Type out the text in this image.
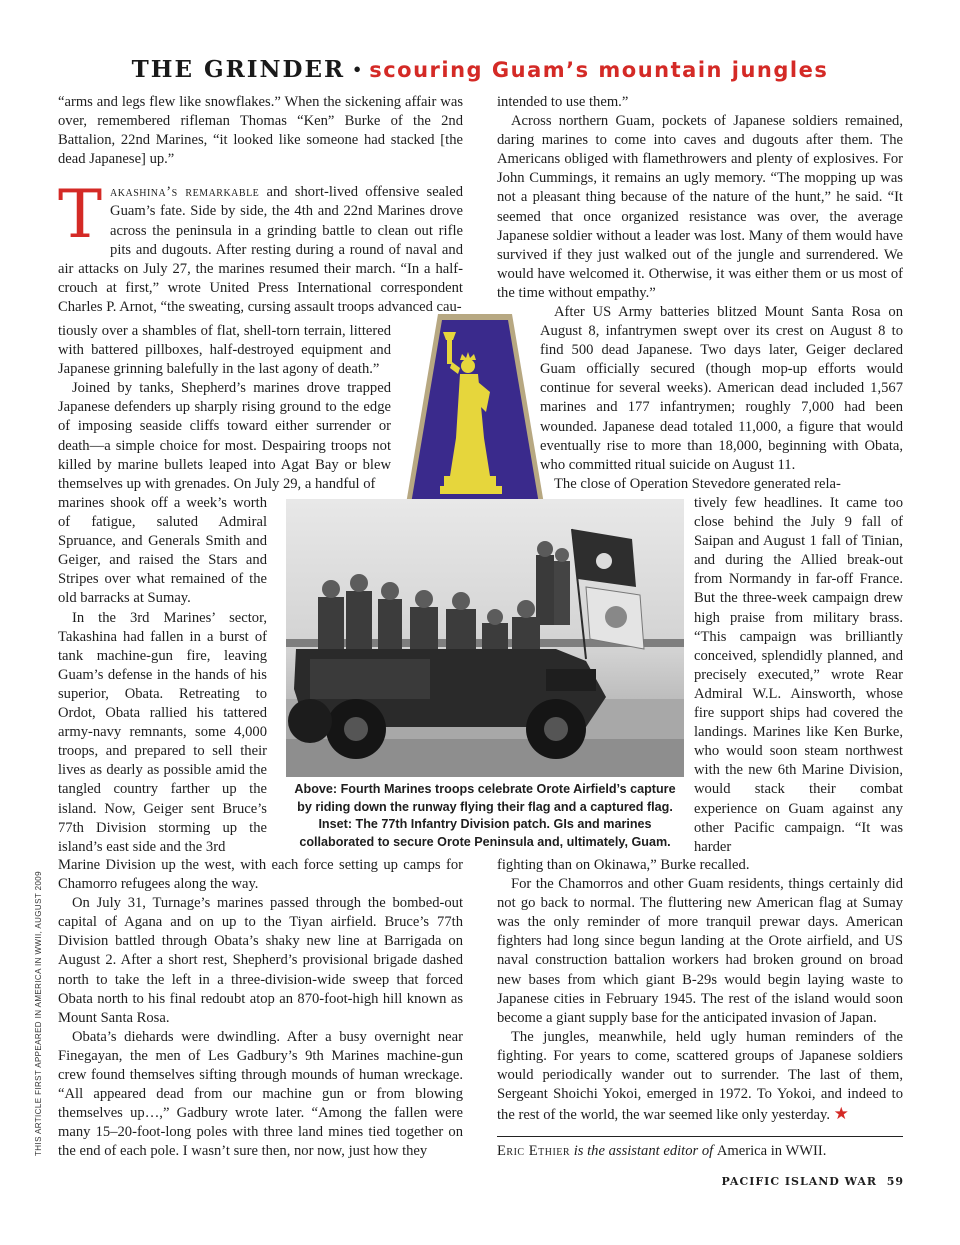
THE GRINDER • scouring Guam’s mountain jungles

“arms and legs flew like snowflakes.” When the sickening affair was over, remembered rifleman Thomas “Ken” Burke of the 2nd Battalion, 22nd Marines, “it looked like someone had stacked [the dead Japanese] up.”

Takashina’s remarkable and short-lived offensive sealed Guam’s fate. Side by side, the 4th and 22nd Marines drove across the peninsula in a grinding battle to clean out rifle pits and dugouts. After resting during a round of naval and air attacks on July 27, the marines resumed their march. “In a half-crouch at first,” wrote United Press International correspondent Charles P. Arnot, “the sweating, cursing assault troops advanced cau-

tiously over a shambles of flat, shell-torn terrain, littered with battered pillboxes, half-destroyed equipment and Japanese grinning balefully in the last agony of death.”

Joined by tanks, Shepherd’s marines drove trapped Japanese defenders up sharply rising ground to the edge of imposing seaside cliffs toward either surrender or death—a simple choice for most. Despairing troops not killed by marine bullets leaped into Agat Bay or blew themselves up with grenades. On July 29, a handful of

marines shook off a week’s worth of fatigue, saluted Admiral Spruance, and Generals Smith and Geiger, and raised the Stars and Stripes over what remained of the old barracks at Sumay.

In the 3rd Marines’ sector, Takashina had fallen in a burst of tank machine-gun fire, leaving Guam’s defense in the hands of his superior, Obata. Retreating to Ordot, Obata rallied his tattered army-navy remnants, some 4,000 troops, and prepared to sell their lives as dearly as possible amid the tangled country farther up the island. Now, Geiger sent Bruce’s 77th Division storming up the island’s east side and the 3rd

Marine Division up the west, with each force setting up camps for Chamorro refugees along the way.

On July 31, Turnage’s marines passed through the bombed-out capital of Agana and on up to the Tiyan airfield. Bruce’s 77th Division battled through Obata’s shaky new line at Barrigada on August 2. After a short rest, Shepherd’s provisional brigade dashed north to take the left in a three-division-wide sweep that forced Obata north to his final redoubt atop an 870-foot-high hill known as Mount Santa Rosa.

Obata’s diehards were dwindling. After a busy overnight near Finegayan, the men of Les Gadbury’s 9th Marines machine-gun crew found themselves sifting through mounds of human wreckage. “All appeared dead from our machine gun or from blowing themselves up…,” Gadbury wrote later. “Among the fallen were many 15–20-foot-long poles with three land mines tied together on the end of each pole. I wasn’t sure then, nor now, just how they

intended to use them.”

Across northern Guam, pockets of Japanese soldiers remained, daring marines to come into caves and dugouts after them. The Americans obliged with flamethrowers and plenty of explosives. For John Cummings, it remains an ugly memory. “The mopping up was not a pleasant thing because of the nature of the hunt,” he said. “It seemed that once organized resistance was over, the average Japanese soldier without a leader was lost. Many of them would have survived if they just walked out of the jungle and surrendered. We would have welcomed it. Otherwise, it was either them or us most of the time without empathy.”

After US Army batteries blitzed Mount Santa Rosa on August 8, infantrymen swept over its crest on August 8 to find 500 dead Japanese. Two days later, Geiger declared Guam officially secured (though mop-up efforts would continue for several weeks). American dead included 1,567 marines and 177 infantrymen; roughly 7,000 had been wounded. Japanese dead totaled 11,000, a figure that would eventually rise to more than 18,000, beginning with Obata, who committed ritual suicide on August 11.

The close of Operation Stevedore generated rela-

tively few headlines. It came too close behind the July 9 fall of Saipan and August 1 fall of Tinian, and during the Allied break-out from Normandy in far-off France. But the three-week campaign drew high praise from military brass. “This campaign was brilliantly conceived, splendidly planned, and precisely executed,” wrote Rear Admiral W.L. Ainsworth, whose fire support ships had covered the landings. Marines like Ken Burke, who would soon steam northwest with the new 6th Marine Division, would stack their combat experience on Guam against any other Pacific campaign. “It was harder

fighting than on Okinawa,” Burke recalled.

For the Chamorros and other Guam residents, things certainly did not go back to normal. The fluttering new American flag at Sumay was the only reminder of more tranquil prewar days. American fighters had long since begun landing at the Orote airfield, and US naval construction battalion workers had broken ground on broad new bases from which giant B-29s would begin laying waste to Japanese cities in February 1945. The rest of the island would soon become a giant supply base for the anticipated invasion of Japan.

The jungles, meanwhile, held ugly human reminders of the fighting. For years to come, scattered groups of Japanese soldiers would periodically wander out to surrender. The last of them, Sergeant Shoichi Yokoi, emerged in 1972. To Yokoi, and indeed to the rest of the world, the war seemed like only yesterday. ★

Above: Fourth Marines troops celebrate Orote Airfield’s capture by riding down the runway flying their flag and a captured flag. Inset: The 77th Infantry Division patch. GIs and marines collaborated to secure Orote Peninsula and, ultimately, Guam.
THIS ARTICLE FIRST APPEARED IN AMERICA IN WWII, AUGUST 2009	Eric Ethier is the assistant editor of America in WWII.
PACIFIC ISLAND WAR 59
